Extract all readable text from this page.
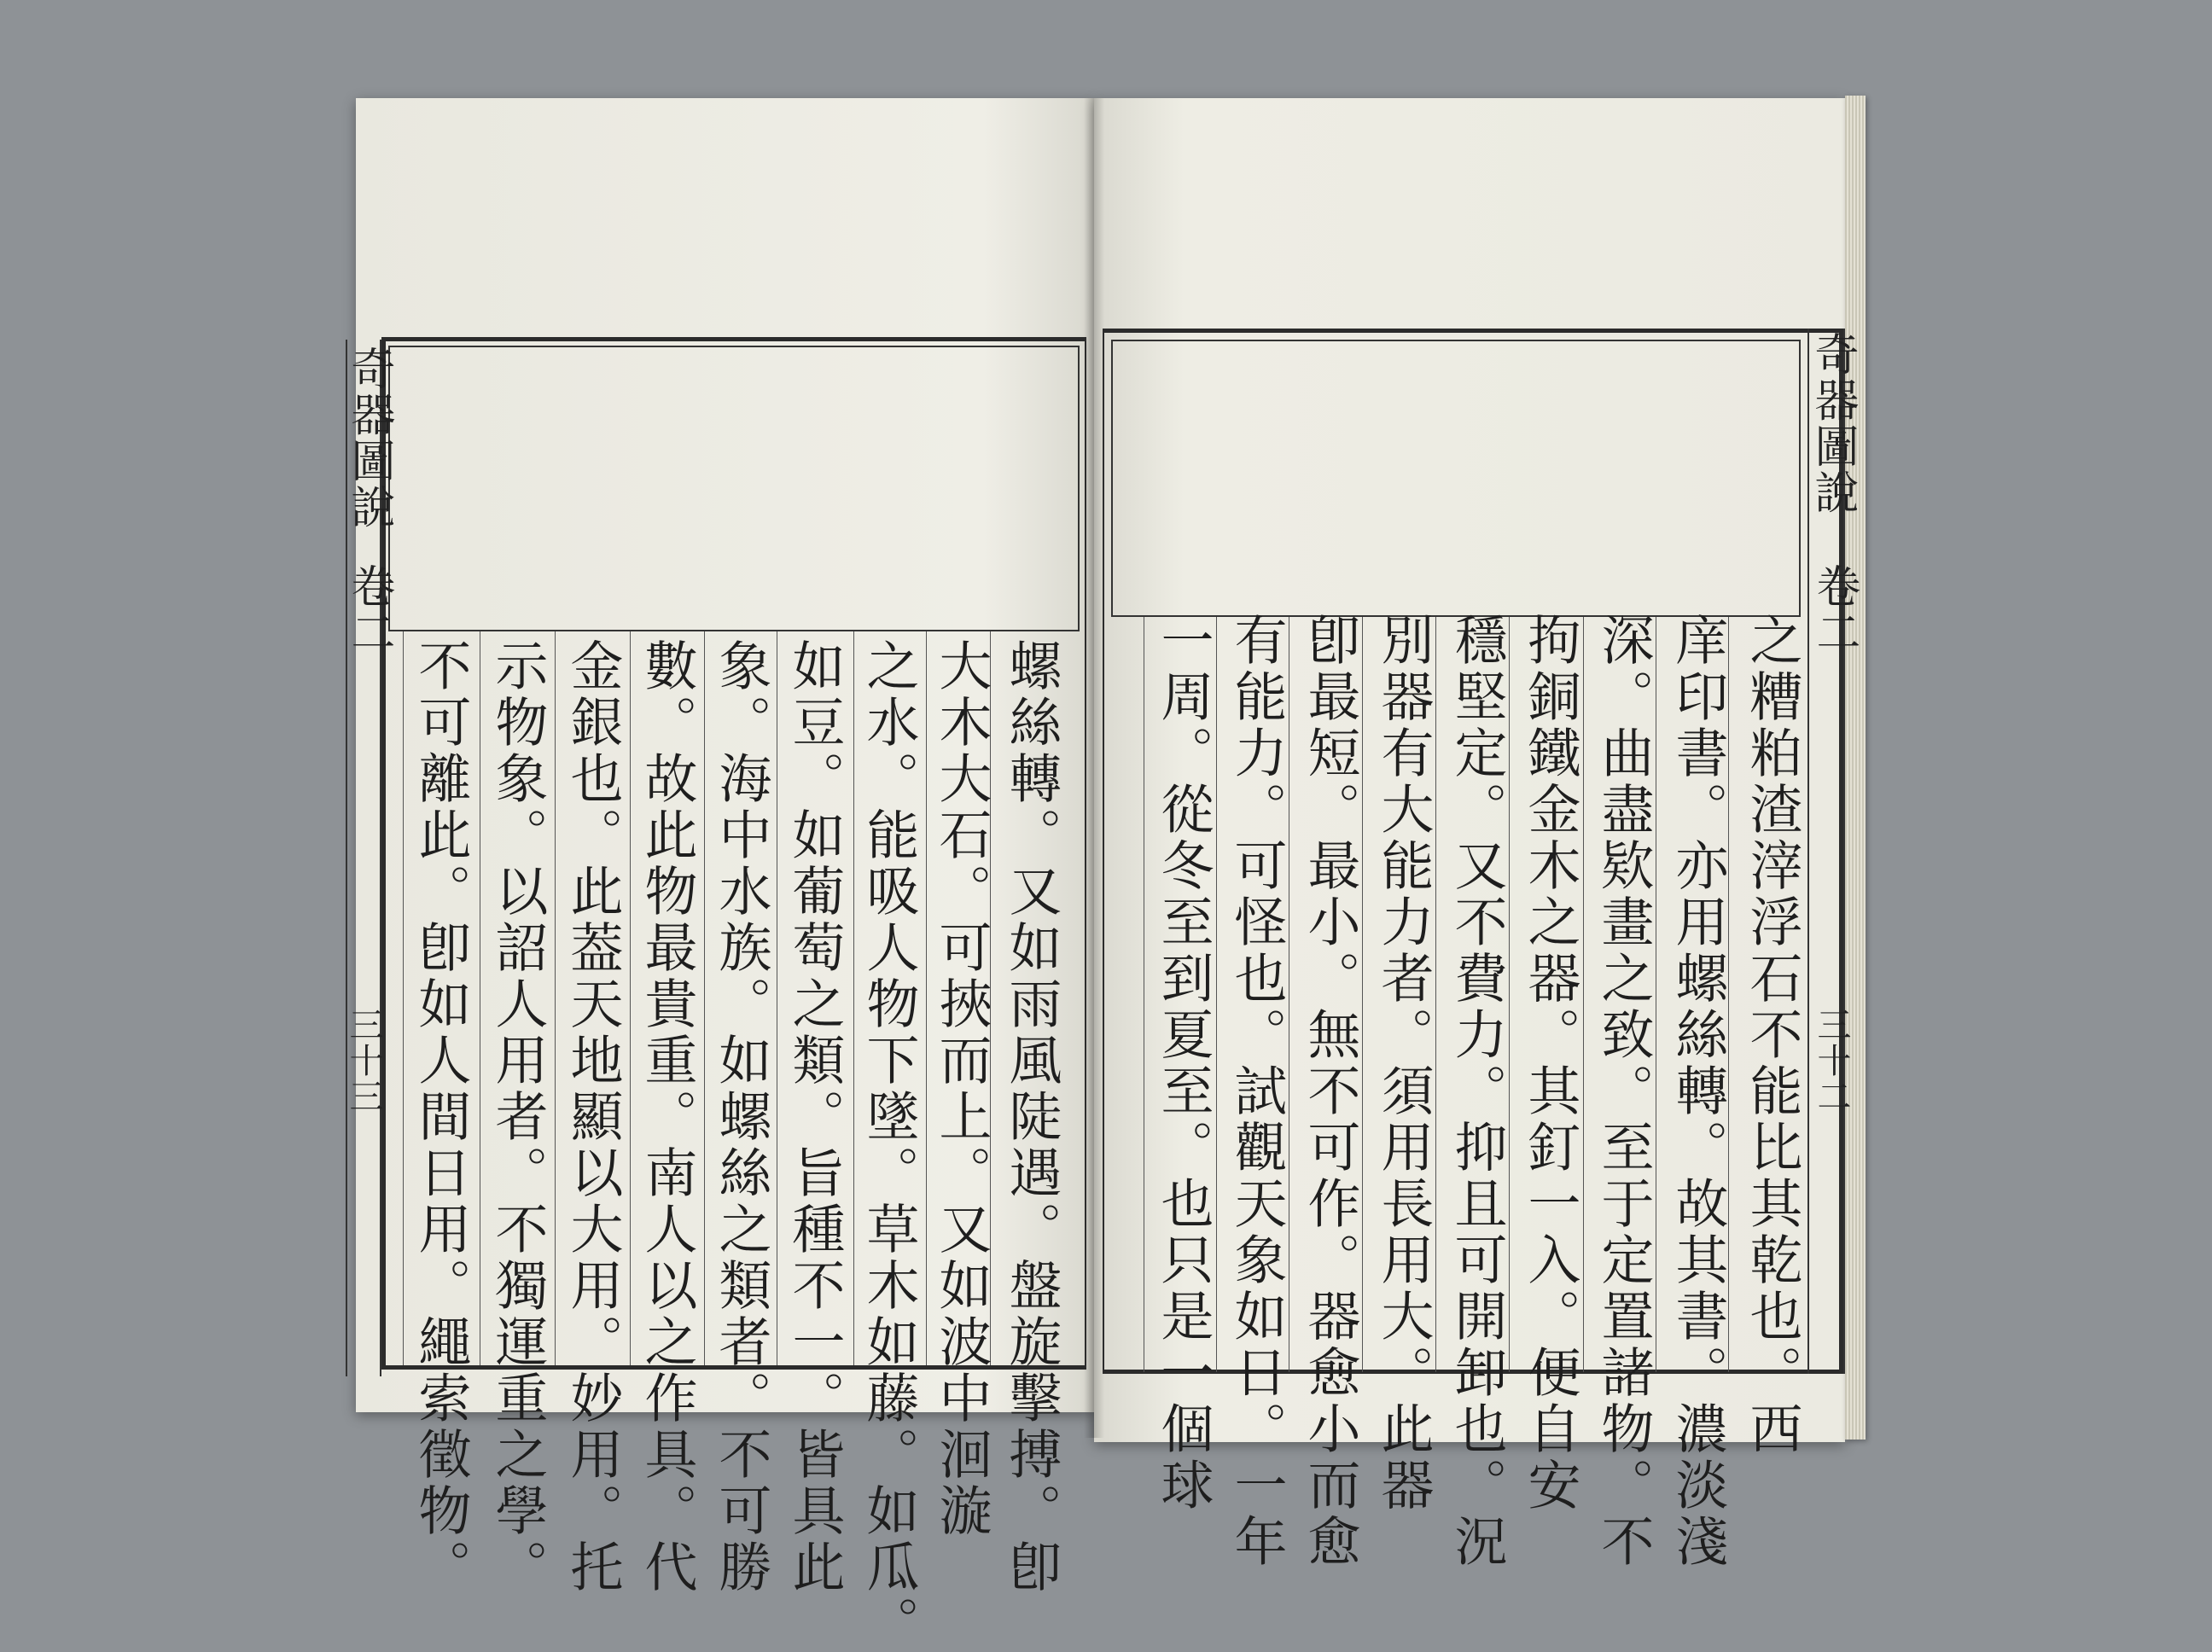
奇器圖說
卷二
三十三
奇器圖說
卷二
三十二
螺絲轉。又如雨風陡遇。盤旋擊搏。卽
大木大石。可挾而上。又如波中洄漩
之水。能吸人物下墜。草木如藤。如瓜。
如豆。如葡萄之類。旨種不一。皆具此
象。海中水族。如螺絲之類者。不可勝
數。故此物最貴重。南人以之作具。代
金銀也。此葢天地顯以大用。妙用。托
示物象。以詔人用者。不獨運重之學。
不可離此。卽如人間日用。繩索徵物。	之糟粕渣滓浮石不能比其乾也。西
庠印書。亦用螺絲轉。故其書。濃淡淺
深。曲盡欵畫之致。至于定置諸物。不
拘銅鐵金木之器。其釘一入。便自安
穩堅定。又不費力。抑且可開卸也。況
別器有大能力者。須用長用大。此器
卽最短。最小。無不可作。器愈小而愈
有能力。可怪也。試觀天象如日。一年
一周。從冬至到夏至。也只是一個球
